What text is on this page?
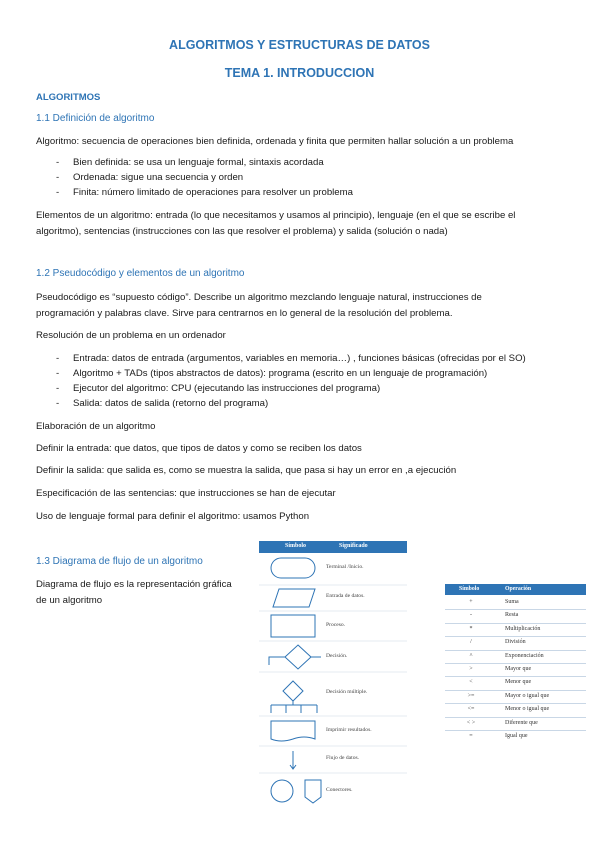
ALGORITMOS Y ESTRUCTURAS DE DATOS
TEMA 1. INTRODUCCION
ALGORITMOS
1.1 Definición de algoritmo
Algoritmo: secuencia de operaciones bien definida, ordenada y finita que permiten hallar solución a un problema
- Bien definida: se usa un lenguaje formal, sintaxis acordada
- Ordenada: sigue una secuencia y orden
- Finita: número limitado de operaciones para resolver un problema
Elementos de un algoritmo: entrada (lo que necesitamos y usamos al principio), lenguaje (en el que se escribe el
algoritmo), sentencias (instrucciones con las que resolver el problema) y salida (solución o nada)
1.2 Pseudocódigo y elementos de un algoritmo
Pseudocódigo es “supuesto código”. Describe un algoritmo mezclando lenguaje natural, instrucciones de
programación y palabras clave. Sirve para centrarnos en lo general de la resolución del problema.
Resolución de un problema en un ordenador
- Entrada: datos de entrada (argumentos, variables en memoria…) , funciones básicas (ofrecidas por el SO)
- Algoritmo + TADs (tipos abstractos de datos): programa (escrito en un lenguaje de programación)
- Ejecutor del algoritmo: CPU (ejecutando las instrucciones del programa)
- Salida: datos de salida (retorno del programa)
Elaboración de un algoritmo
Definir la entrada: que datos, que tipos de datos y como se reciben los datos
Definir la salida: que salida es, como se muestra la salida, que pasa si hay un error en ,a ejecución
Especificación de las sentencias: que instrucciones se han de ejecutar
Uso de lenguaje formal para definir el algoritmo: usamos Python
1.3 Diagrama de flujo de un algoritmo
Diagrama de flujo es la representación gráfica
de un algoritmo
Símbolo	Significado
Terminal /Inicio.
Entrada de datos.
Proceso.
Decisión.
Decisión múltiple.
Imprimir resultados.
Flujo de datos.
Conectores.
Símbolo	Operación
+	Suma
-	Resta
*	Multiplicación
/	División
^	Exponenciación
>	Mayor que
<	Menor que
>=	Mayor o igual que
<=	Menor o igual que
< >	Diferente que
=	Igual que
